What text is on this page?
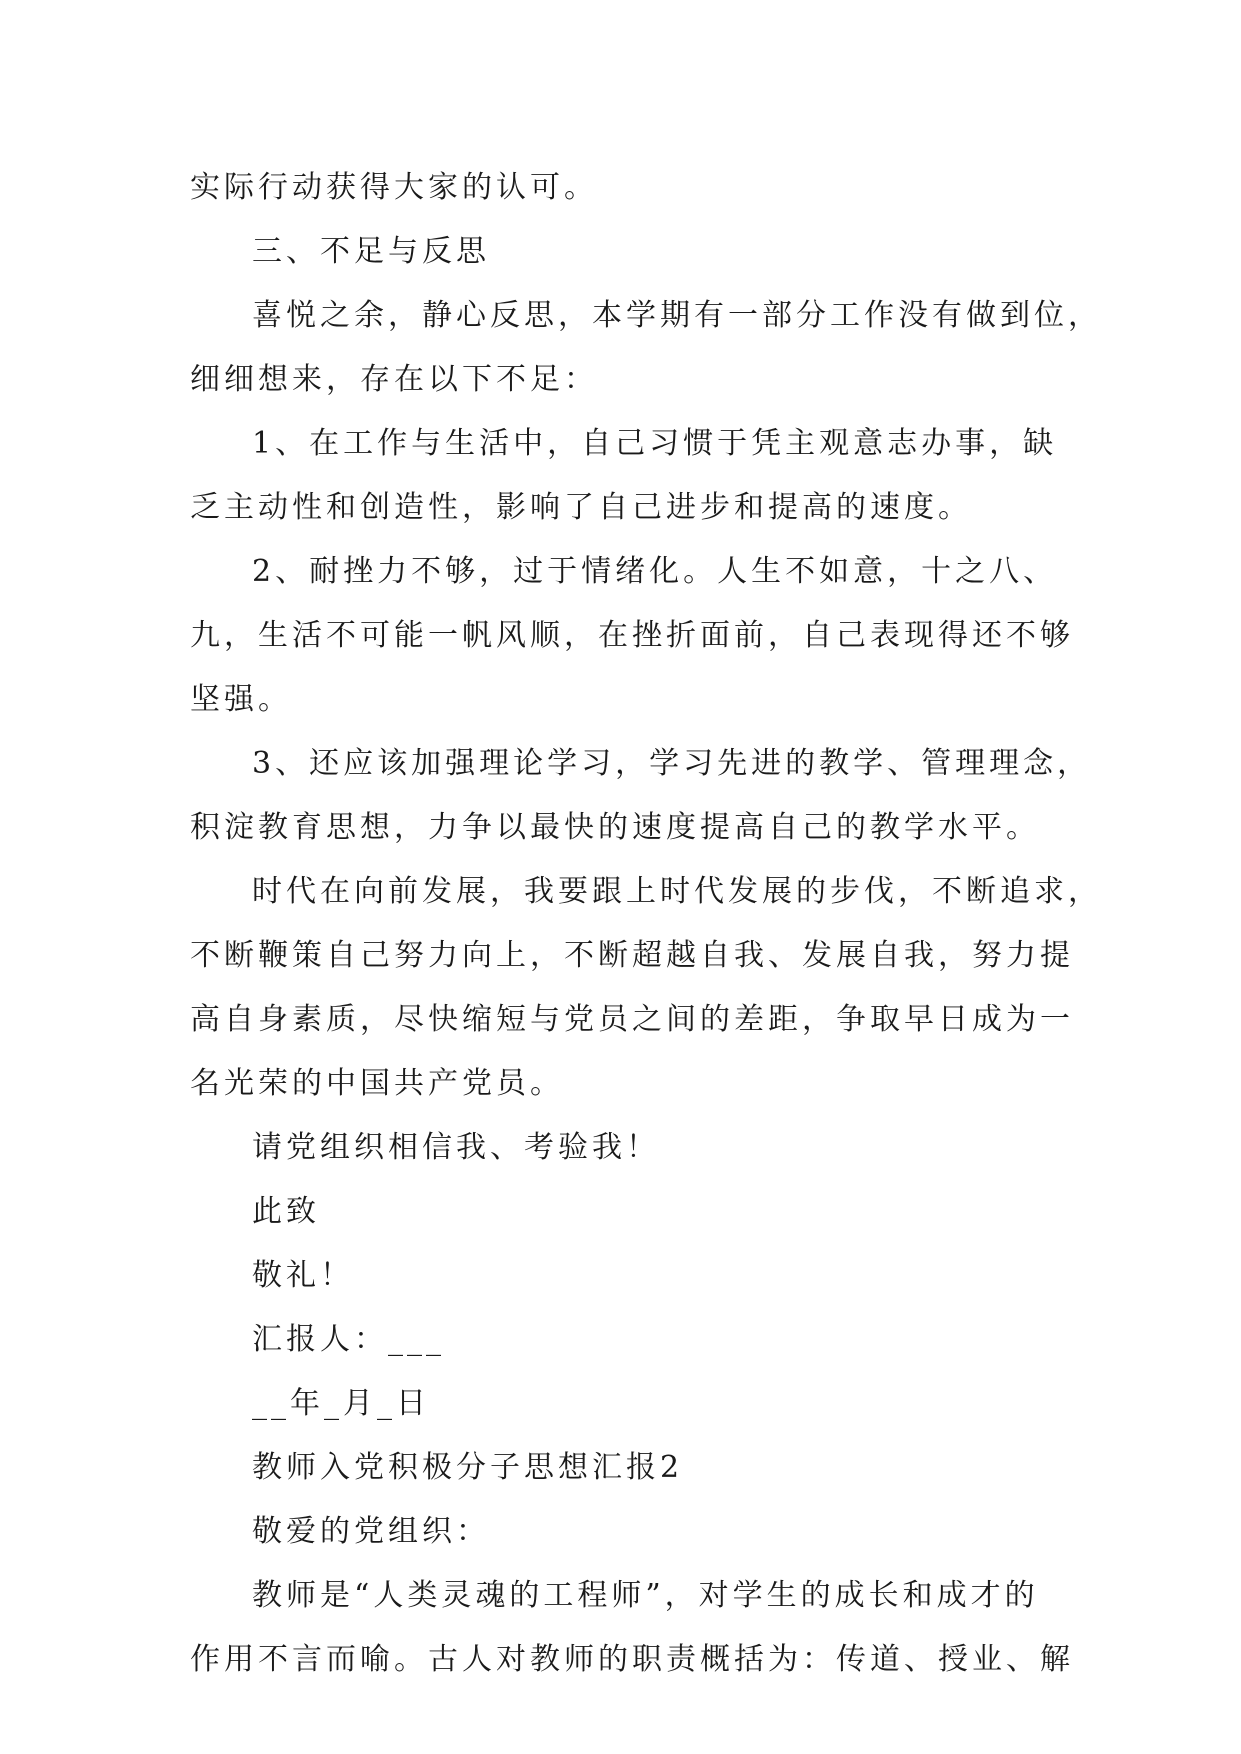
实际行动获得大家的认可。
三、不足与反思
喜悦之余，静心反思，本学期有一部分工作没有做到位，
细细想来，存在以下不足：
1、在工作与生活中，自己习惯于凭主观意志办事，缺
乏主动性和创造性，影响了自己进步和提高的速度。
2、耐挫力不够，过于情绪化。人生不如意，十之八、
九，生活不可能一帆风顺，在挫折面前，自己表现得还不够
坚强。
3、还应该加强理论学习，学习先进的教学、管理理念，
积淀教育思想，力争以最快的速度提高自己的教学水平。
时代在向前发展，我要跟上时代发展的步伐，不断追求，
不断鞭策自己努力向上，不断超越自我、发展自我，努力提
高自身素质，尽快缩短与党员之间的差距，争取早日成为一
名光荣的中国共产党员。
请党组织相信我、考验我！
此致
敬礼！
汇报人：___
__年_月_日
教师入党积极分子思想汇报2
敬爱的党组织：
教师是“人类灵魂的工程师”，对学生的成长和成才的
作用不言而喻。古人对教师的职责概括为：传道、授业、解
